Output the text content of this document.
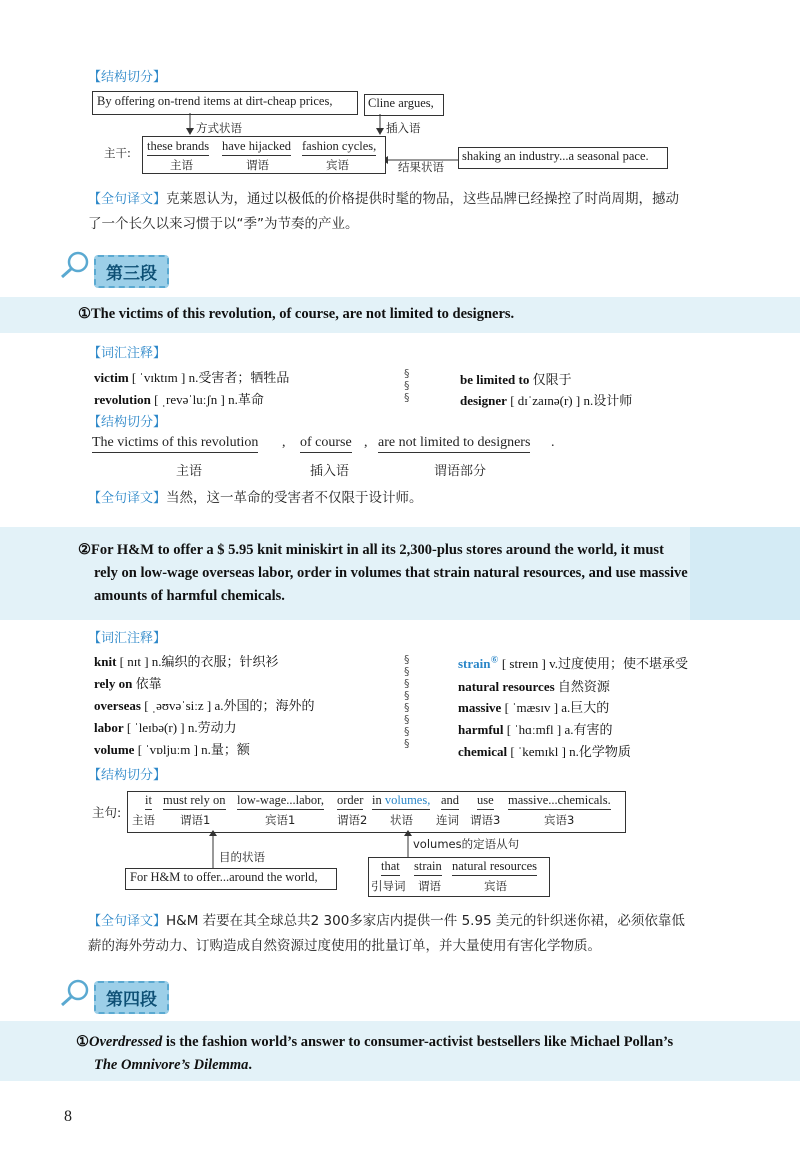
【结构切分】
By offering on-trend items at dirt-cheap prices,	Cline argues,
方式状语	插入语
主干: these brands
主语
have hijacked
谓语
fashion cycles,
宾语	结果状语
shaking an industry...a seasonal pace.
【全句译文】克莱恩认为，通过以极低的价格提供时髦的物品，这些品牌已经操控了时尚周期，撼动
了一个长久以来习惯于以“季”为节奏的产业。
第三段
①The victims of this revolution, of course, are not limited to designers.
【词汇注释】
victim [ ˈvɪktɪm ] n.受害者；牺牲品
revolution [ ˌrevəˈluːʃn ] n.革命
§
§
§
be limited to 仅限于
designer [ dɪˈzaɪnə(r) ] n.设计师
【结构切分】
The victims of this revolution ,
主语
of course ,
插入语
are not limited to designers .
谓语部分
【全句译文】当然，这一革命的受害者不仅限于设计师。
②For H&M to offer a $ 5.95 knit miniskirt in all its 2,300-plus stores around the world, it must
rely on low-wage overseas labor, order in volumes that strain natural resources, and use massive
amounts of harmful chemicals.
【词汇注释】
knit [ nɪt ] n.编织的衣服；针织衫
rely on 依靠
overseas [ ˌəʊvəˈsiːz ] a.外国的；海外的
labor [ ˈleɪbə(r) ] n.劳动力
volume [ ˈvɒljuːm ] n.量；额
§
§
§
§
§
§
§
§
strain⑥ [ streɪn ] v.过度使用；使不堪承受
natural resources 自然资源
massive [ ˈmæsɪv ] a.巨大的
harmful [ ˈhɑːmfl ] a.有害的
chemical [ ˈkemɪkl ] n.化学物质
【结构切分】
主句:
it
主语
must rely on
谓语1
low-wage...labor,
宾语1
order
谓语2
in volumes,
状语
and
连词
use
谓语3
massive...chemicals.
宾语3
目的状语
For H&M to offer...around the world,
volumes的定语从句
that
引导词
strain
谓语
natural resources
宾语
【全句译文】H&M 若要在其全球总共2 300多家店内提供一件 5.95 美元的针织迷你裙，必须依靠低
薪的海外劳动力、订购造成自然资源过度使用的批量订单，并大量使用有害化学物质。
第四段
①Overdressed is the fashion world’s answer to consumer-activist bestsellers like Michael Pollan’s
The Omnivore’s Dilemma.
8
